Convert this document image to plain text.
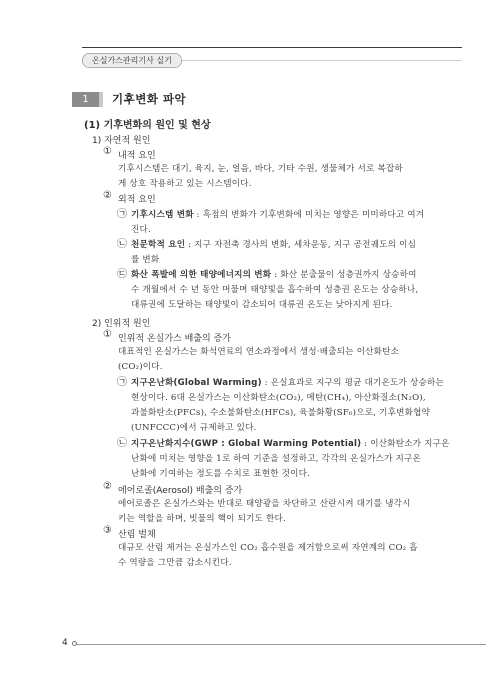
온실가스관리기사 실기
1	기후변화 파악
(1) 기후변화의 원인 및 현상
1) 자연적 원인
① 내적 요인
기후시스템은 대기, 육지, 눈, 얼음, 바다, 기타 수원, 생물체가 서로 복잡하
게 상호 작용하고 있는 시스템이다.
② 외적 요인
㉠ 기후시스템 변화 : 흑점의 변화가 기후변화에 미치는 영향은 미미하다고 여겨
진다.
㉡ 천문학적 요인 : 지구 자전축 경사의 변화, 세차운동, 지구 공전궤도의 이심
률 변화
㉢ 화산 폭발에 의한 태양에너지의 변화 : 화산 분출물이 성층권까지 상승하여
수 개월에서 수 년 동안 머물며 태양빛을 흡수하여 성층권 온도는 상승하나,
대류권에 도달하는 태양빛이 감소되어 대류권 온도는 낮아지게 된다.
2) 인위적 원인
① 인위적 온실가스 배출의 증가
대표적인 온실가스는 화석연료의 연소과정에서 생성·배출되는 이산화탄소
(CO₂)이다.
㉠ 지구온난화(Global Warming) : 온실효과로 지구의 평균 대기온도가 상승하는
현상이다. 6대 온실가스는 이산화탄소(CO₂), 메탄(CH₄), 아산화질소(N₂O),
과불화탄소(PFCs), 수소불화탄소(HFCs), 육불화황(SF₆)으로, 기후변화협약
(UNFCCC)에서 규제하고 있다.
㉡ 지구온난화지수(GWP : Global Warming Potential) : 이산화탄소가 지구온
난화에 미치는 영향을 1로 하여 기준을 설정하고, 각각의 온실가스가 지구온
난화에 기여하는 정도를 수치로 표현한 것이다.
② 에어로졸(Aerosol) 배출의 증가
에어로졸은 온실가스와는 반대로 태양광을 차단하고 산란시켜 대기를 냉각시
키는 역할을 하며, 빗물의 핵이 되기도 한다.
③ 산림 벌채
대규모 산림 제거는 온실가스인 CO₂ 흡수원을 제거함으로써 자연계의 CO₂ 흡
수 역량을 그만큼 감소시킨다.
4
